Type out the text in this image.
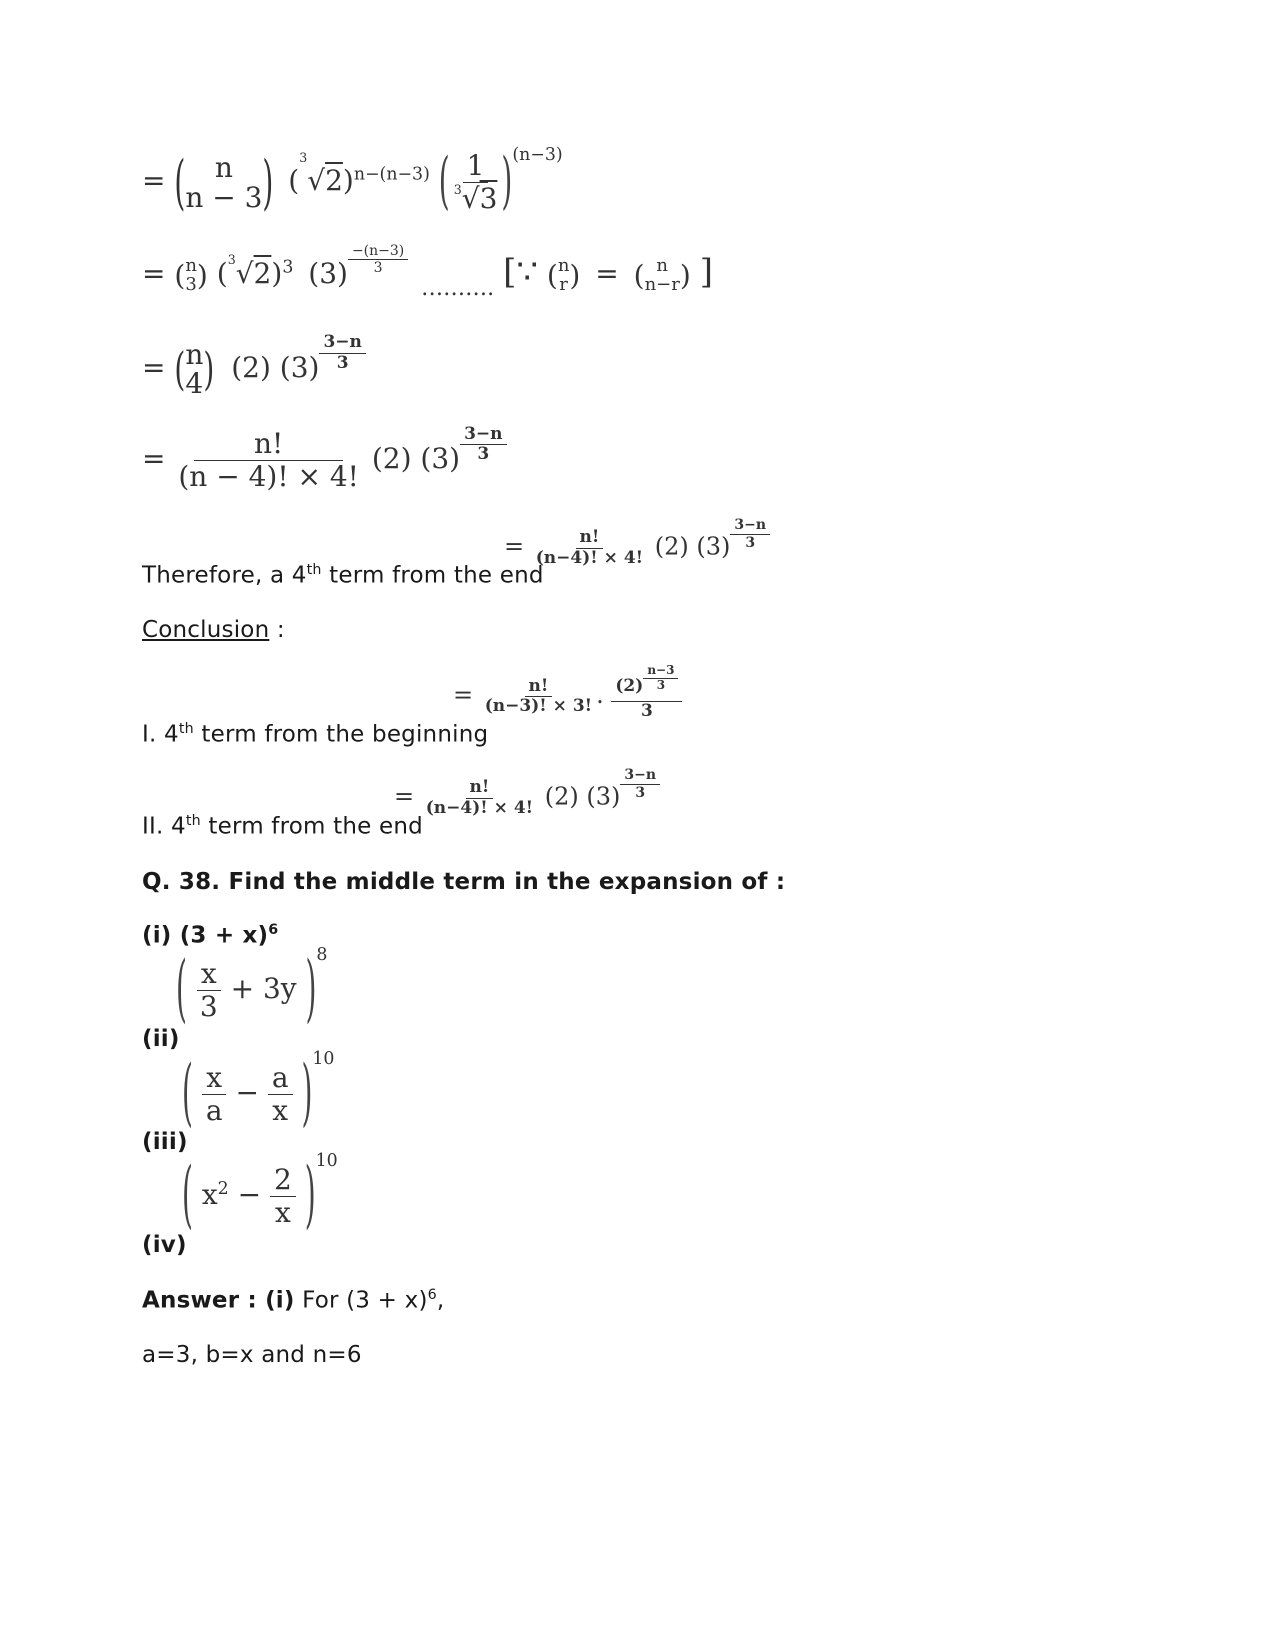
= ( n
n − 3 ) $(^3√2)^{n-(n-3)}$ ( $\frac{1}{^3√3} )^{(n-3)}$
= ( n
3 ) $(^3√2)^3$ $(3) \frac{-(n-3)}{3}$
$_{\dots\dots\dots.}$ [∵ ( n
r ) = ( n
n−r ) ]
= ( n
4 ) (2) $(3) \frac{3-n}{3}$
= $\frac{n!}{(n - 4)! \times 4!} (2)$ $(3) \frac{3-n}{3}$
Therefore, a 4th term from the end
= $\frac{n!}{(n-4)! \times 4!} (2)$ $(3) \frac{3-n}{3}$
Conclusion :
I. 4th term from the beginning
= $\frac{n!}{(n-3)! \times 3!}$ . $\frac{(2) \frac{n-3}{3}}{3}$
II. 4th term from the end
= $\frac{n!}{(n-4)! \times 4!} (2)$ $(3) \frac{3-n}{3}$
Q. 38. Find the middle term in the expansion of :
(i) $(3 + x)^6$
(ii)
( $\frac{x}{3} + 3y$ )$^8$
(iii)
( $\frac{x}{a} - \frac{a}{x} )^{10}$
(iv)
( $x^2 - \frac{2}{x} )^{10}$
Answer : (i) For $(3 + x)^6$,
a=3, b=x and n=6
